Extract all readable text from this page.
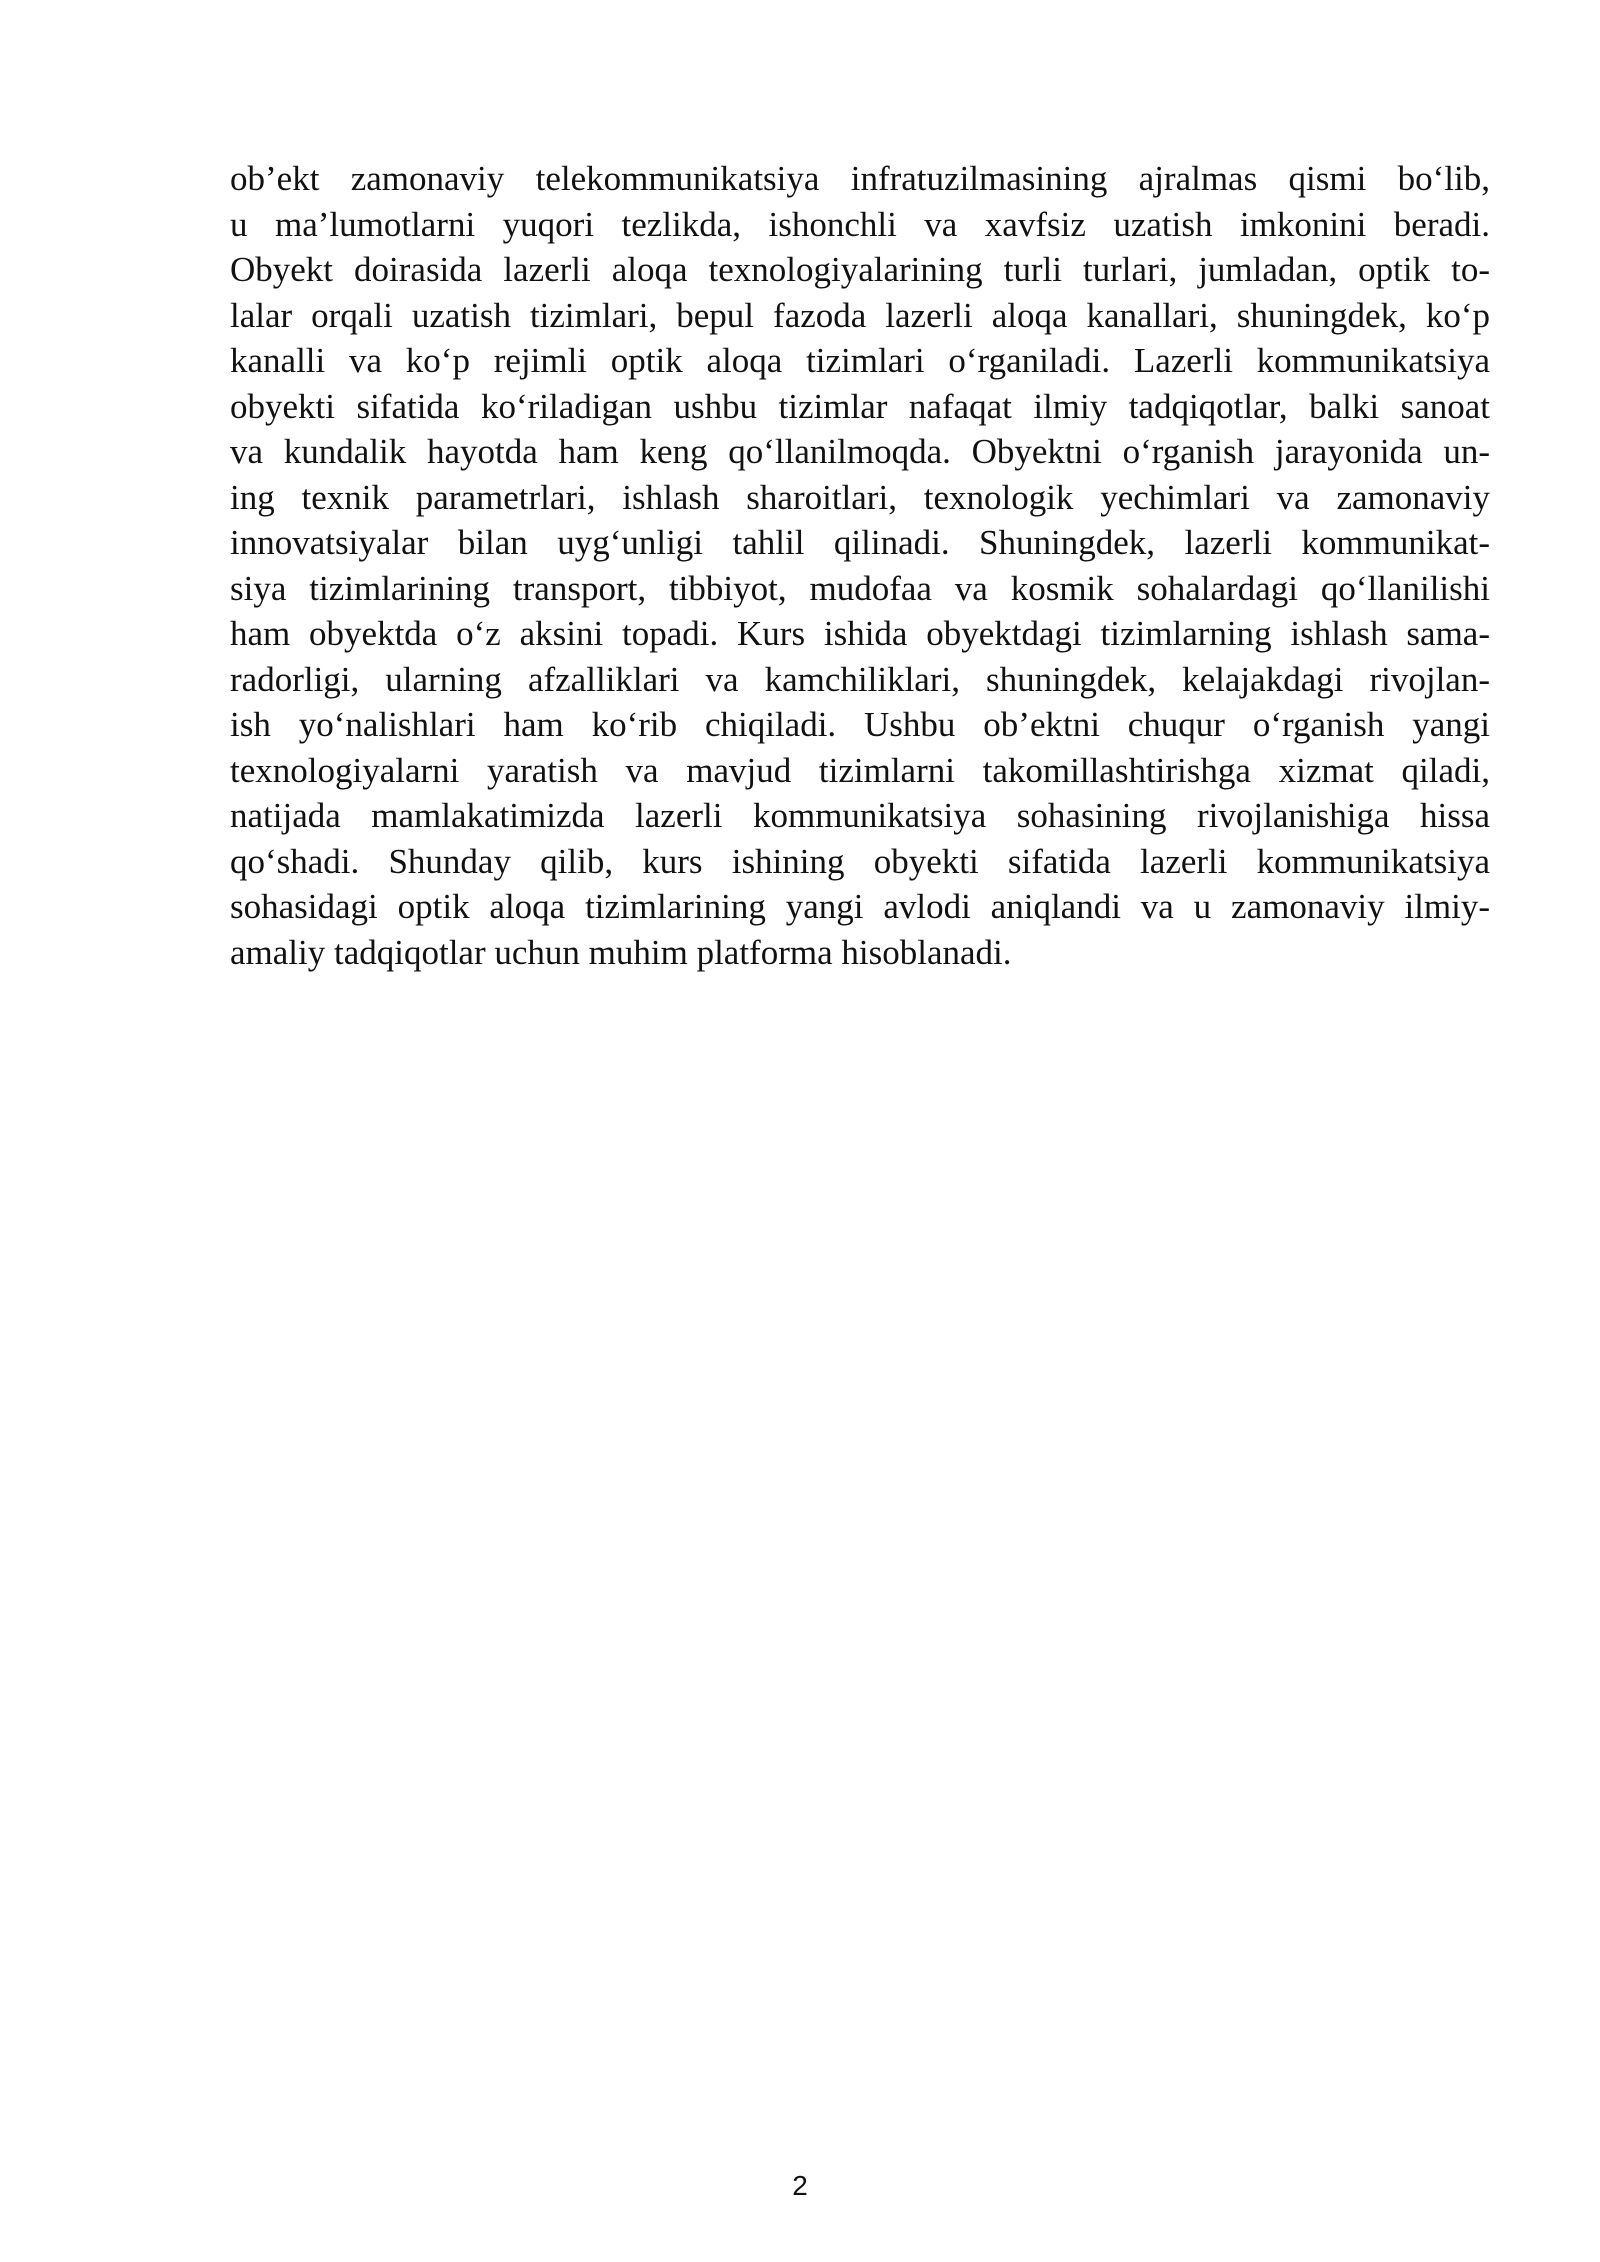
ob’ekt zamonaviy telekommunikatsiya infratuzilmasining ajralmas qismi bo‘lib,
u ma’lumotlarni yuqori tezlikda, ishonchli va xavfsiz uzatish imkonini beradi.
Obyekt doirasida lazerli aloqa texnologiyalarining turli turlari, jumladan, optik to-
lalar orqali uzatish tizimlari, bepul fazoda lazerli aloqa kanallari, shuningdek, ko‘p
kanalli va ko‘p rejimli optik aloqa tizimlari o‘rganiladi. Lazerli kommunikatsiya
obyekti sifatida ko‘riladigan ushbu tizimlar nafaqat ilmiy tadqiqotlar, balki sanoat
va kundalik hayotda ham keng qo‘llanilmoqda. Obyektni o‘rganish jarayonida un-
ing texnik parametrlari, ishlash sharoitlari, texnologik yechimlari va zamonaviy
innovatsiyalar bilan uyg‘unligi tahlil qilinadi. Shuningdek, lazerli kommunikat-
siya tizimlarining transport, tibbiyot, mudofaa va kosmik sohalardagi qo‘llanilishi
ham obyektda o‘z aksini topadi. Kurs ishida obyektdagi tizimlarning ishlash sama-
radorligi, ularning afzalliklari va kamchiliklari, shuningdek, kelajakdagi rivojlan-
ish yo‘nalishlari ham ko‘rib chiqiladi. Ushbu ob’ektni chuqur o‘rganish yangi
texnologiyalarni yaratish va mavjud tizimlarni takomillashtirishga xizmat qiladi,
natijada mamlakatimizda lazerli kommunikatsiya sohasining rivojlanishiga hissa
qo‘shadi. Shunday qilib, kurs ishining obyekti sifatida lazerli kommunikatsiya
sohasidagi optik aloqa tizimlarining yangi avlodi aniqlandi va u zamonaviy ilmiy-
amaliy tadqiqotlar uchun muhim platforma hisoblanadi.
2
